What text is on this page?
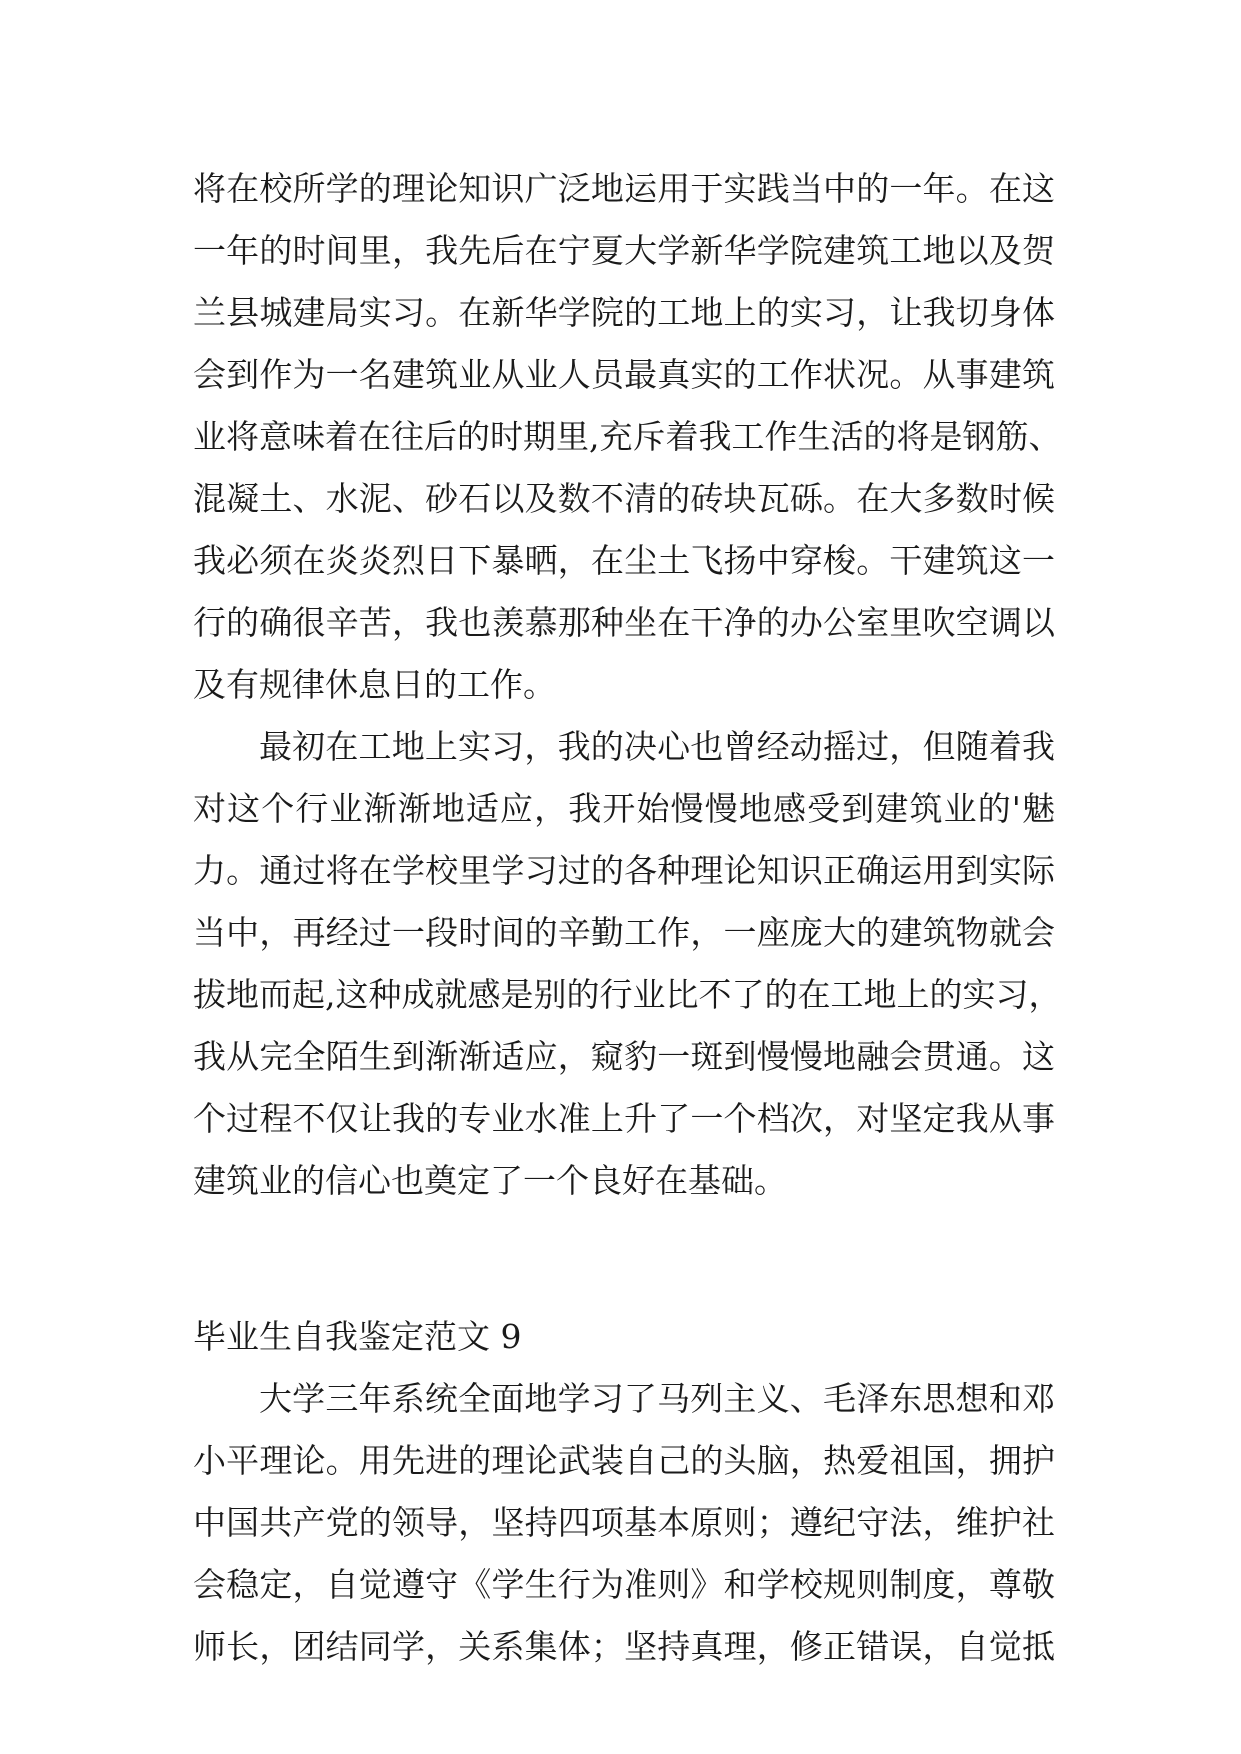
将在校所学的理论知识广泛地运用于实践当中的一年。在这
一年的时间里，我先后在宁夏大学新华学院建筑工地以及贺
兰县城建局实习。在新华学院的工地上的实习，让我切身体
会到作为一名建筑业从业人员最真实的工作状况。从事建筑
业将意味着在往后的时期里,充斥着我工作生活的将是钢筋、
混凝土、水泥、砂石以及数不清的砖块瓦砾。在大多数时候
我必须在炎炎烈日下暴晒，在尘土飞扬中穿梭。干建筑这一
行的确很辛苦，我也羡慕那种坐在干净的办公室里吹空调以
及有规律休息日的工作。
最初在工地上实习，我的决心也曾经动摇过，但随着我
对这个行业渐渐地适应，我开始慢慢地感受到建筑业的'魅
力。通过将在学校里学习过的各种理论知识正确运用到实际
当中，再经过一段时间的辛勤工作，一座庞大的建筑物就会
拔地而起,这种成就感是别的行业比不了的在工地上的实习，
我从完全陌生到渐渐适应，窥豹一斑到慢慢地融会贯通。这
个过程不仅让我的专业水准上升了一个档次，对坚定我从事
建筑业的信心也奠定了一个良好在基础。
毕业生自我鉴定范文 9
大学三年系统全面地学习了马列主义、毛泽东思想和邓
小平理论。用先进的理论武装自己的头脑，热爱祖国，拥护
中国共产党的领导，坚持四项基本原则；遵纪守法，维护社
会稳定，自觉遵守《学生行为准则》和学校规则制度，尊敬
师长，团结同学，关系集体；坚持真理，修正错误，自觉抵
